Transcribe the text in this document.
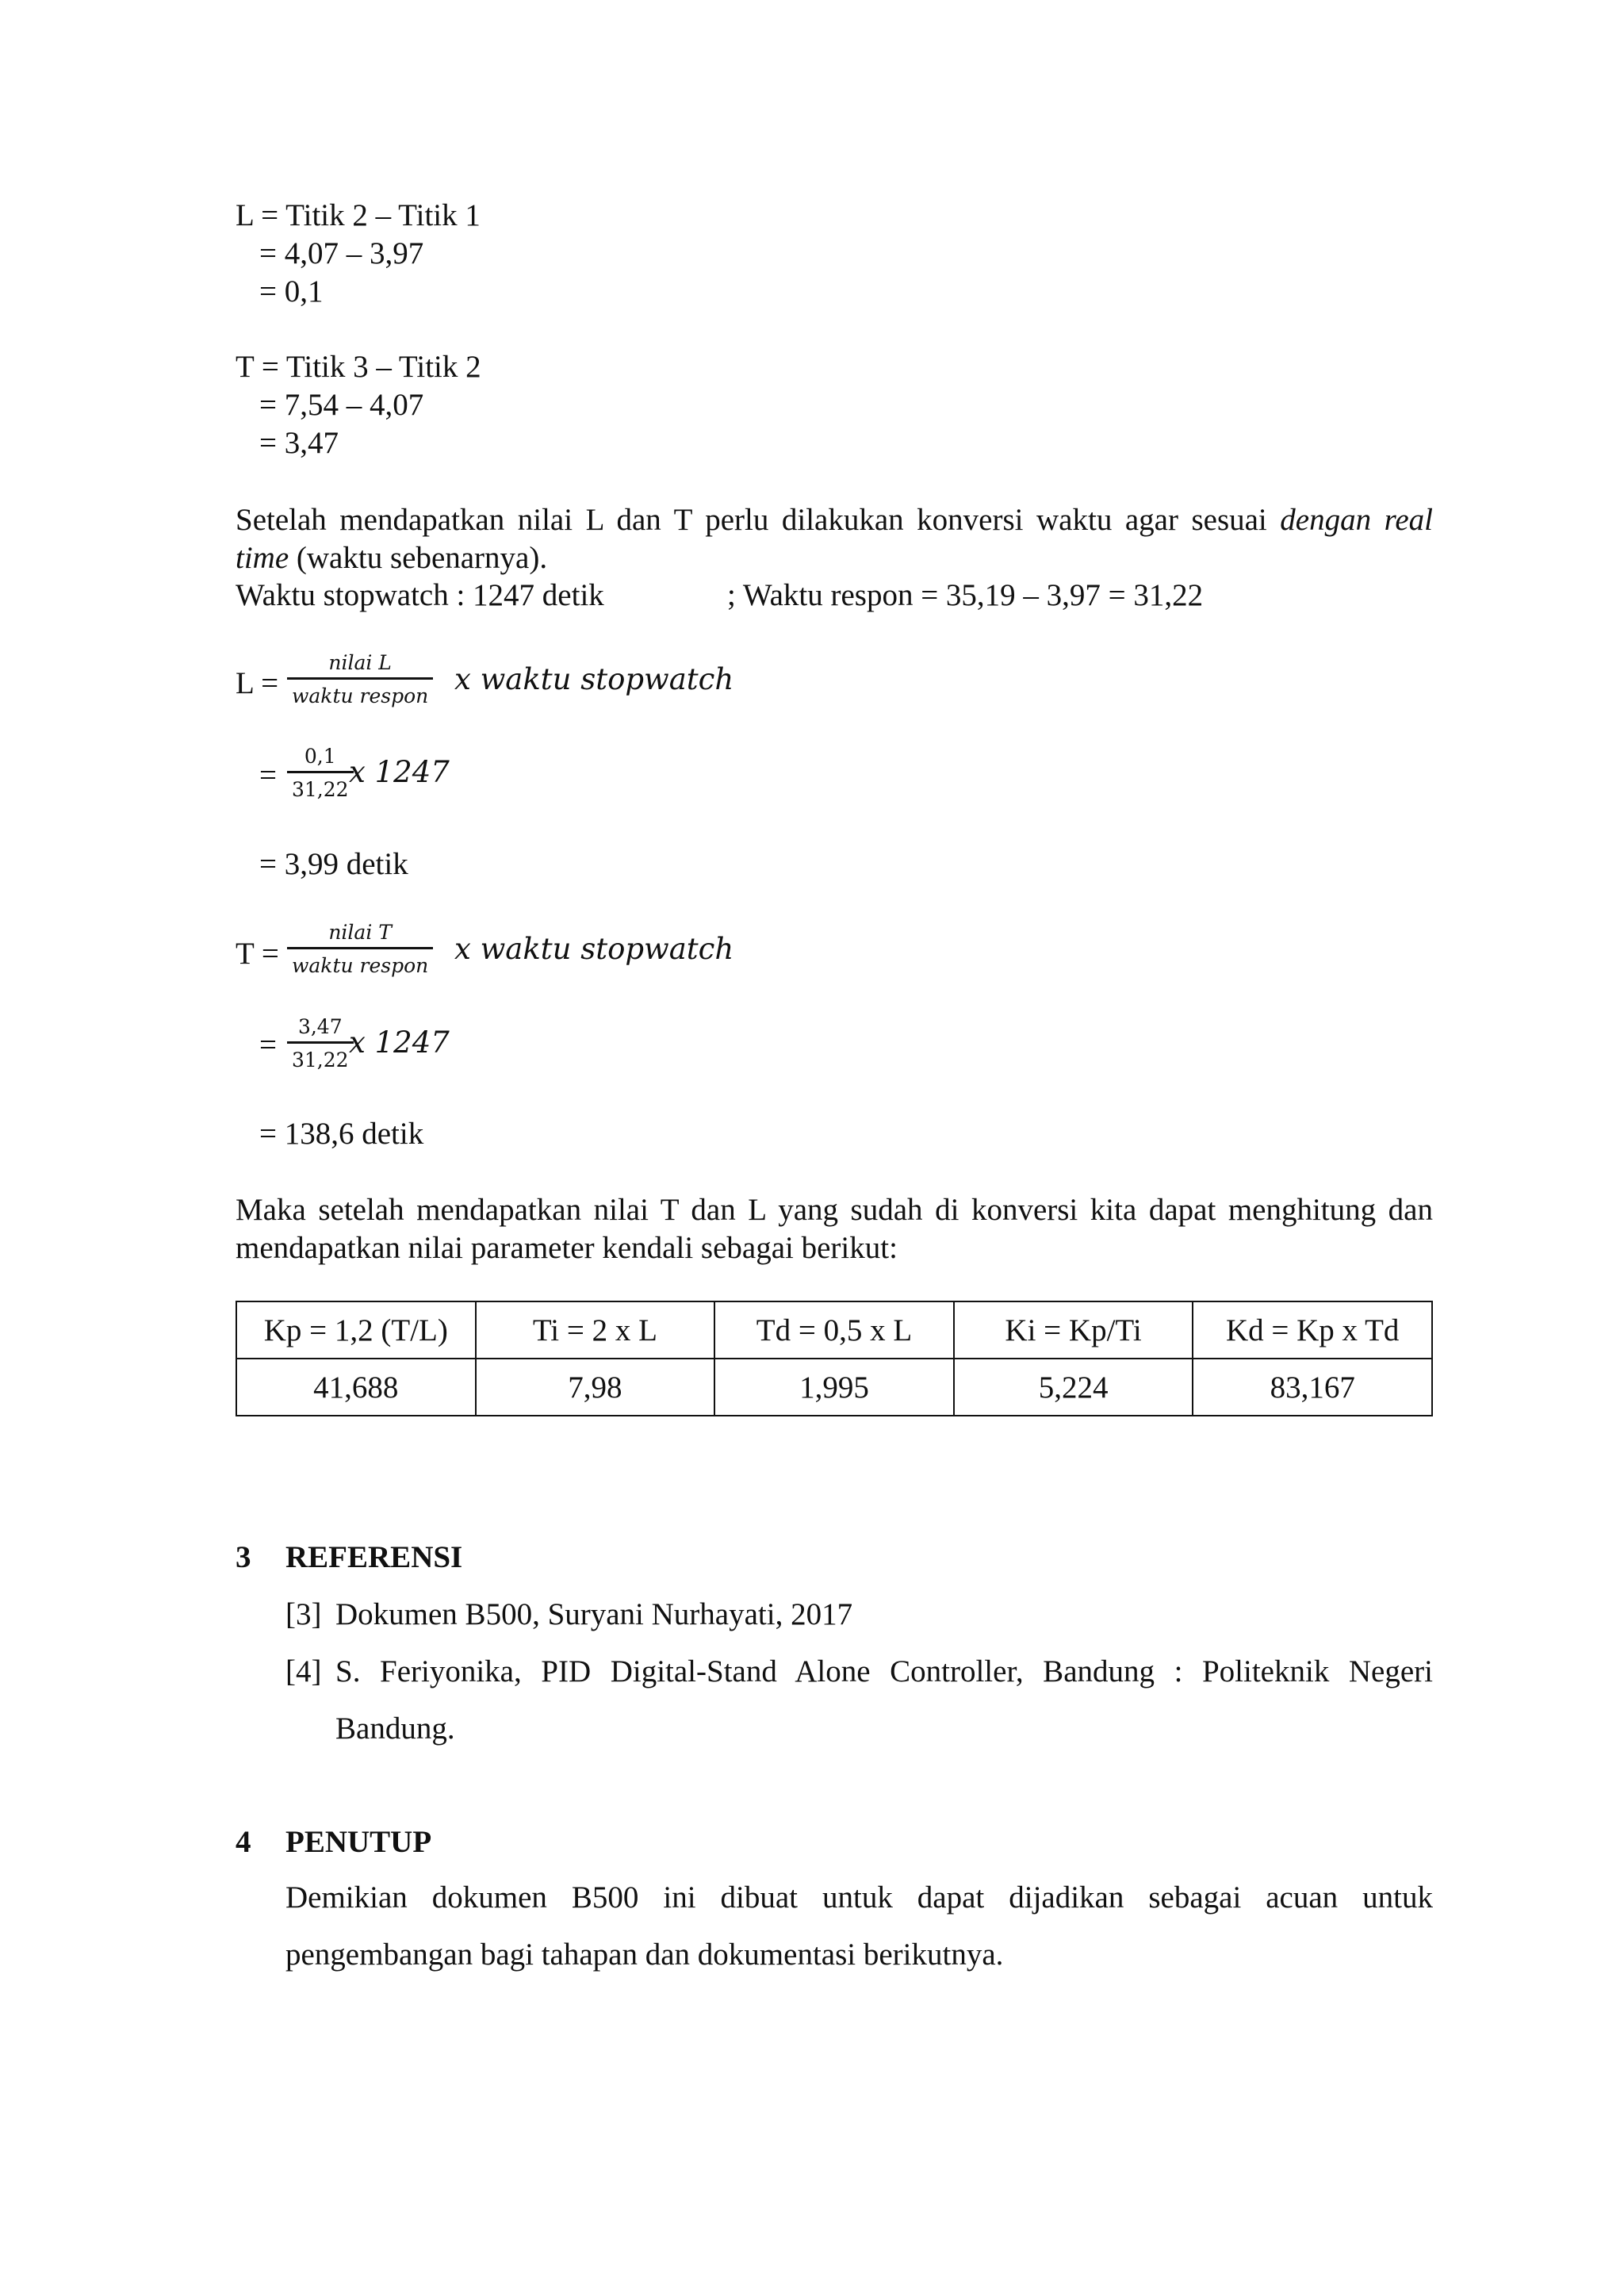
L = Titik 2 – Titik 1
= 4,07 – 3,97
= 0,1
T = Titik 3 – Titik 2
= 7,54 – 4,07
= 3,47
Setelah mendapatkan nilai L dan T perlu dilakukan konversi waktu agar sesuai dengan real
time (waktu sebenarnya).
Waktu stopwatch : 1247 detik	; Waktu respon = 35,19 – 3,97 = 31,22
L =
nilai L
waktu respon x waktu stopwatch
=
0,1
31,22
x 1247
= 3,99 detik
T =
nilai T
waktu respon x waktu stopwatch
=
3,47
31,22
x 1247
= 138,6 detik
Maka setelah mendapatkan nilai T dan L yang sudah di konversi kita dapat menghitung dan
mendapatkan nilai parameter kendali sebagai berikut:
Kp = 1,2 (T/L)	Ti = 2 x L	Td = 0,5 x L	Ki = Kp/Ti	Kd = Kp x Td
41,688	7,98	1,995	5,224	83,167
3 REFERENSI
[3] Dokumen B500, Suryani Nurhayati, 2017
[4] S. Feriyonika, PID Digital-Stand Alone Controller, Bandung : Politeknik Negeri
Bandung.
4 PENUTUP
Demikian dokumen B500 ini dibuat untuk dapat dijadikan sebagai acuan untuk pengembangan bagi tahapan dan dokumentasi berikutnya.
